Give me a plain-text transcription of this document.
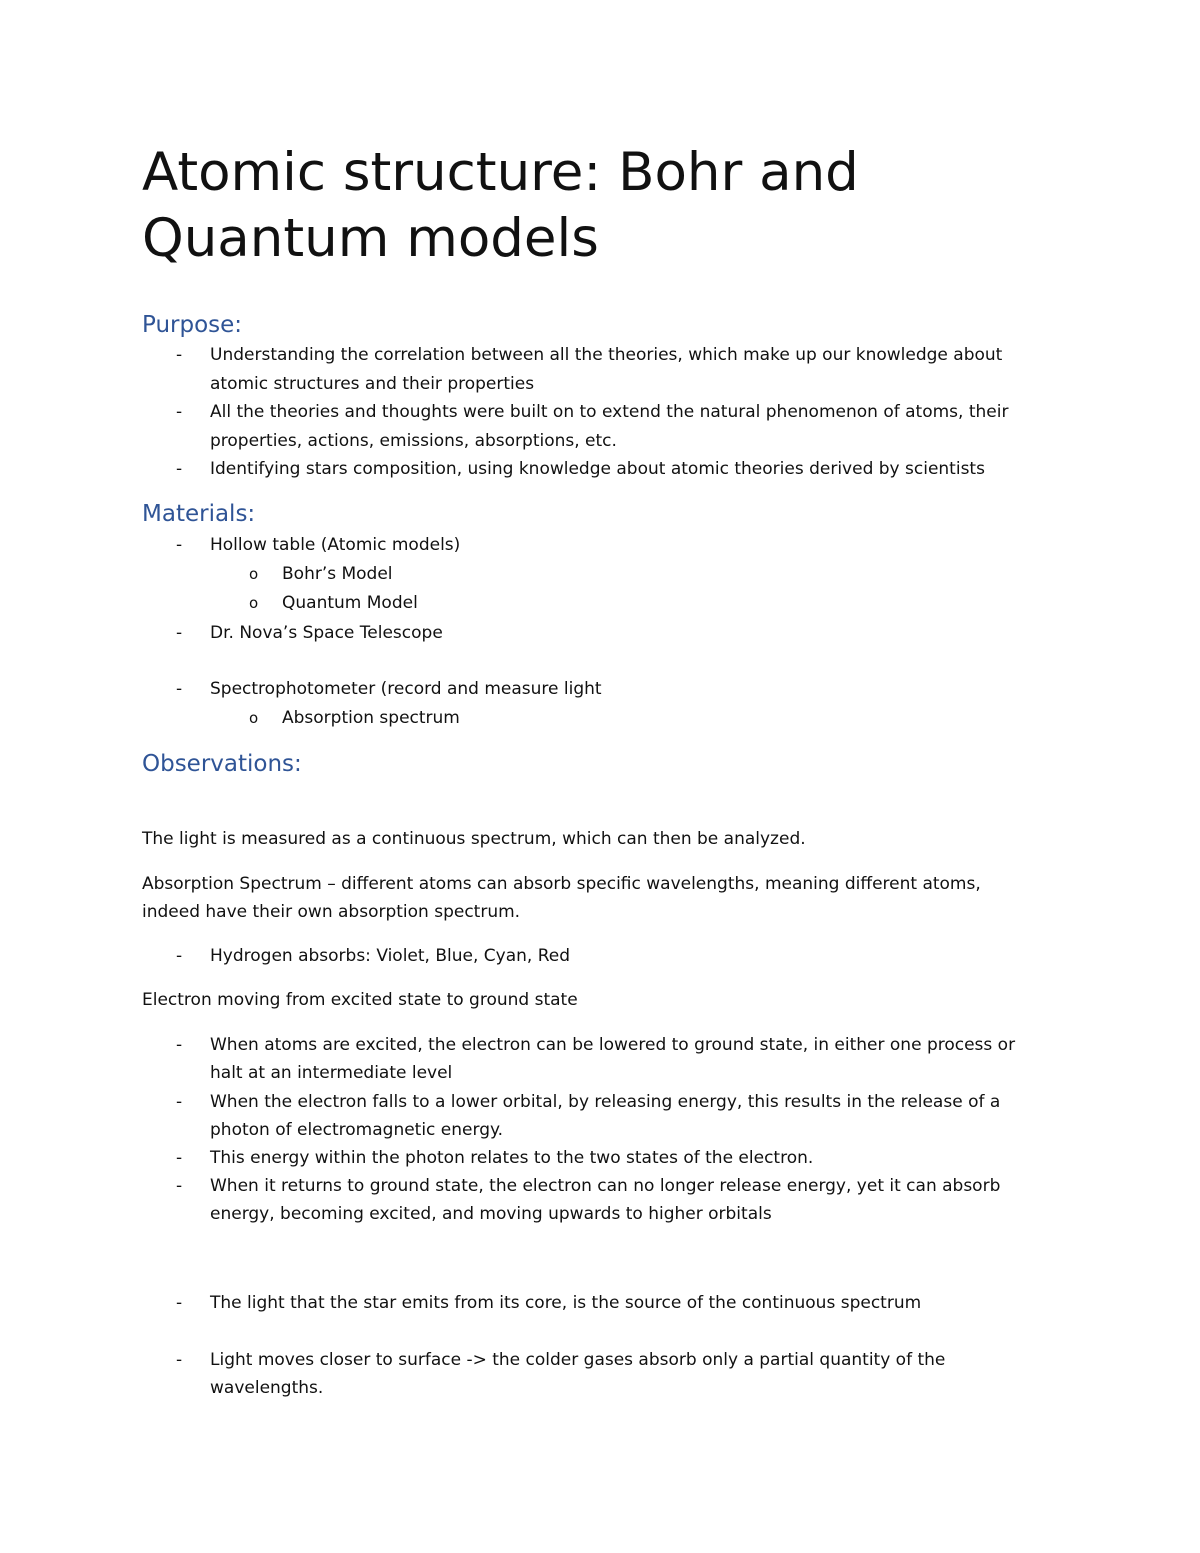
Atomic structure: Bohr and
Quantum models
Purpose:
- Understanding the correlation between all the theories, which make up our knowledge about
atomic structures and their properties
- All the theories and thoughts were built on to extend the natural phenomenon of atoms, their
properties, actions, emissions, absorptions, etc.
- Identifying stars composition, using knowledge about atomic theories derived by scientists
Materials:
- Hollow table (Atomic models)
o Bohr’s Model
o Quantum Model
- Dr. Nova’s Space Telescope
- Spectrophotometer (record and measure light
o Absorption spectrum
Observations:
The light is measured as a continuous spectrum, which can then be analyzed.
Absorption Spectrum – different atoms can absorb specific wavelengths, meaning different atoms,
indeed have their own absorption spectrum.
- Hydrogen absorbs: Violet, Blue, Cyan, Red
Electron moving from excited state to ground state
- When atoms are excited, the electron can be lowered to ground state, in either one process or
halt at an intermediate level
- When the electron falls to a lower orbital, by releasing energy, this results in the release of a
photon of electromagnetic energy.
- This energy within the photon relates to the two states of the electron.
- When it returns to ground state, the electron can no longer release energy, yet it can absorb
energy, becoming excited, and moving upwards to higher orbitals
- The light that the star emits from its core, is the source of the continuous spectrum
- Light moves closer to surface -> the colder gases absorb only a partial quantity of the
wavelengths.
